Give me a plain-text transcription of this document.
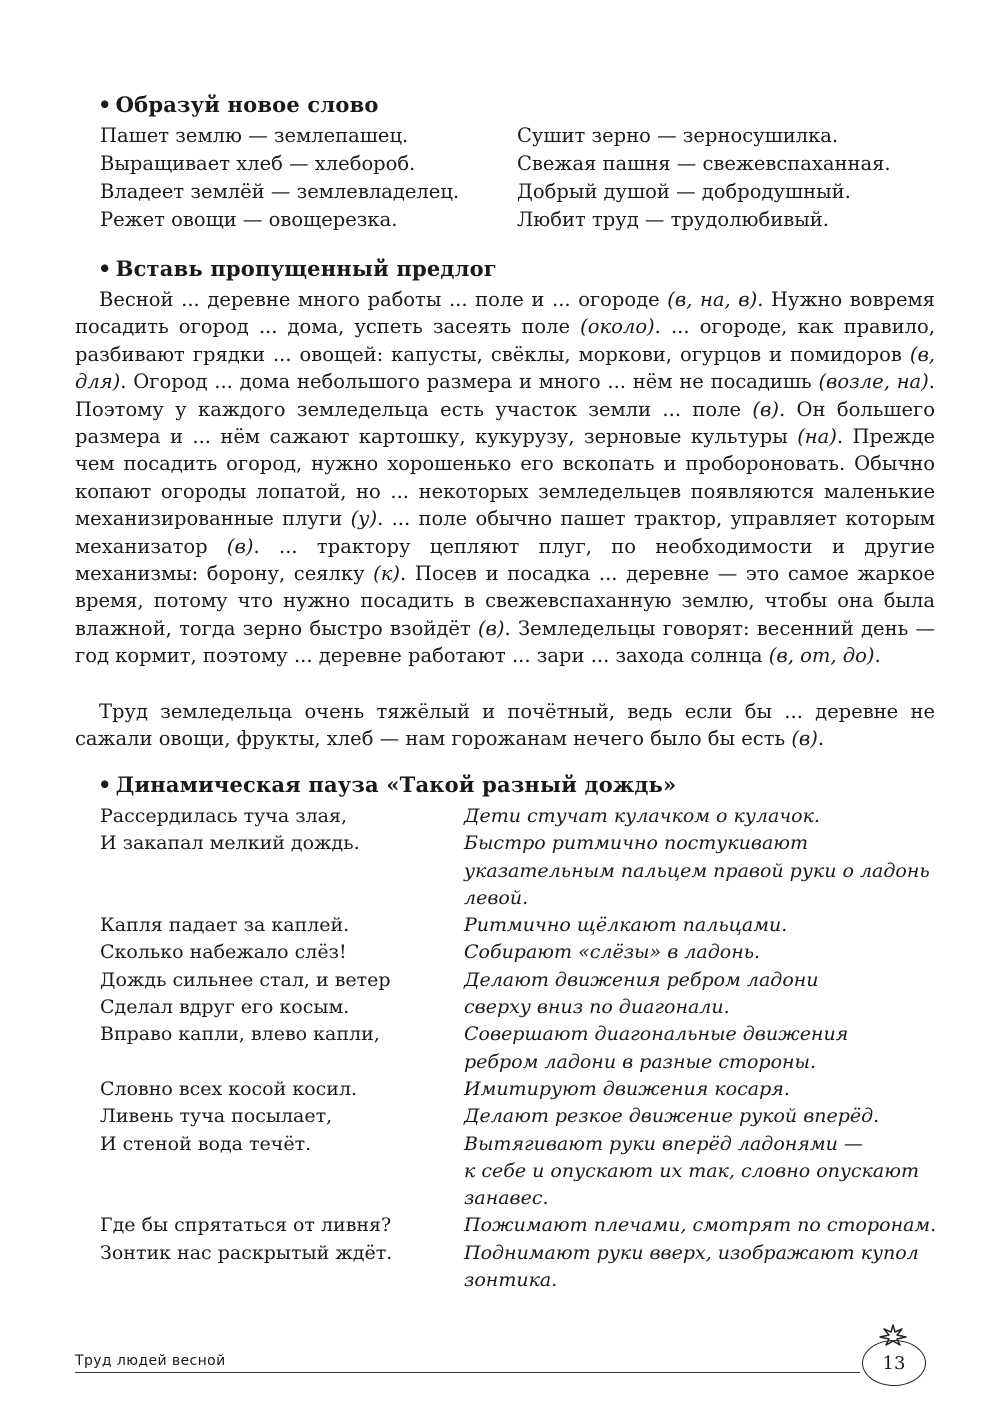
• Образуй новое слово
Пашет землю — землепашец.	Сушит зерно — зерносушилка.
Выращивает хлеб — хлебороб.	Свежая пашня — свежевспаханная.
Владеет землёй — землевладелец.	Добрый душой — добродушный.
Режет овощи — овощерезка.	Любит труд — трудолюбивый.
• Вставь пропущенный предлог

Весной ... деревне много работы ... поле и ... огороде (в, на, в). Нужно вовремя посадить огород ... дома, успеть засеять поле (около). ... огороде, как правило, разбивают грядки ... овощей: капусты, свёклы, моркови, огурцов и помидоров (в, для). Огород ... дома небольшого размера и много ... нём не посадишь (возле, на). Поэтому у каждого земледельца есть участок земли ... поле (в). Он большего размера и ... нём сажают картошку, кукурузу, зерновые культуры (на). Прежде чем посадить огород, нужно хорошенько его вскопать и проборонoвать. Обычно копают огороды лопатой, но ... некоторых земледельцев появляются маленькие механизированные плуги (у). ... поле обычно пашет трактор, управляет которым механизатор (в). ... трактору цепляют плуг, по необходимости и другие механизмы: борону, сеялку (к). Посев и посадка ... деревне — это самое жаркое время, потому что нужно посадить в свежевспаханную землю, чтобы она была влажной, тогда зерно быстро взойдёт (в). Земледельцы говорят: весенний день — год кормит, поэтому ... деревне работают ... зари ... захода солнца (в, от, до).

Труд земледельца очень тяжёлый и почётный, ведь если бы ... деревне не сажали овощи, фрукты, хлеб — нам горожанам нечего было бы есть (в).

• Динамическая пауза «Такой разный дождь»
Рассердилась туча злая,	Дети стучат кулачком о кулачок.
И закапал мелкий дождь.	Быстро ритмично постукивают
указательным пальцем правой руки о ладонь
левой.
Капля падает за каплей.	Ритмично щёлкают пальцами.
Сколько набежало слёз!	Собирают «слёзы» в ладонь.
Дождь сильнее стал, и ветер	Делают движения ребром ладони
Сделал вдруг его косым.	сверху вниз по диагонали.
Вправо капли, влево капли,	Совершают диагональные движения
ребром ладони в разные стороны.
Словно всех косой косил.	Имитируют движения косаря.
Ливень туча посылает,	Делают резкое движение рукой вперёд.
И стеной вода течёт.	Вытягивают руки вперёд ладонями —
к себе и опускают их так, словно опускают
занавес.
Где бы спрятаться от ливня?	Пожимают плечами, смотрят по сторонам.
Зонтик нас раскрытый ждёт.	Поднимают руки вверх, изображают купол
зонтика.
Труд людей весной	13
